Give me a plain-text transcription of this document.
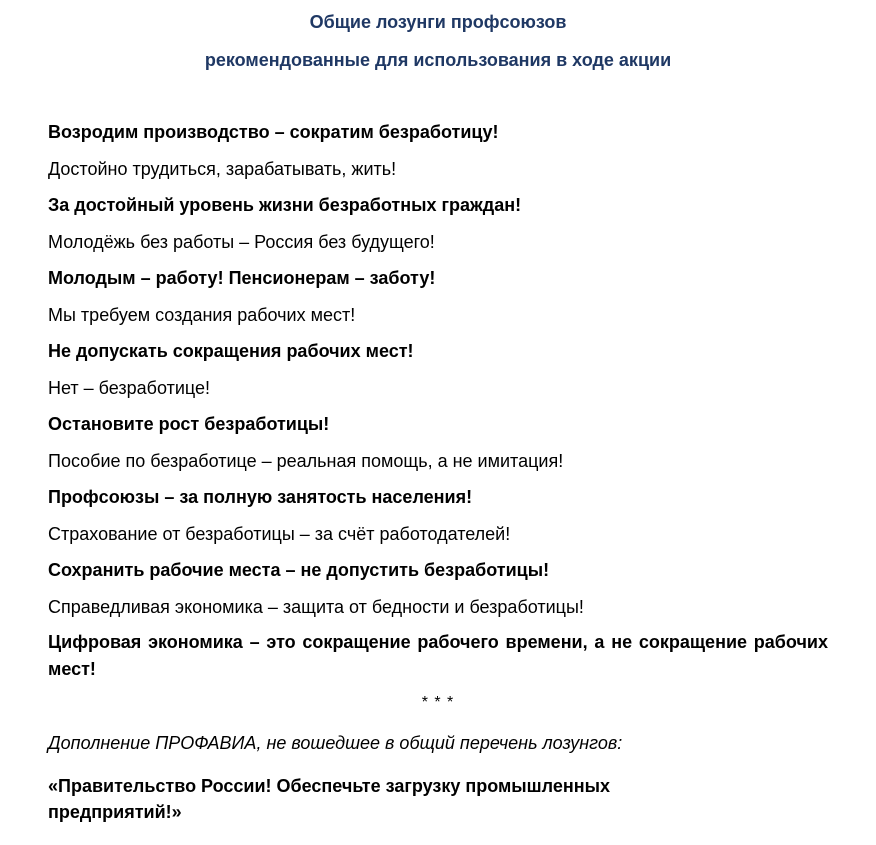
Общие лозунги профсоюзов
рекомендованные для использования в ходе акции
Возродим производство – сократим безработицу!
Достойно трудиться, зарабатывать, жить!
За достойный уровень жизни безработных граждан!
Молодёжь без работы – Россия без будущего!
Молодым – работу! Пенсионерам – заботу!
Мы требуем создания рабочих мест!
Не допускать сокращения рабочих мест!
Нет – безработице!
Остановите рост безработицы!
Пособие по безработице – реальная помощь, а не имитация!
Профсоюзы – за полную занятость населения!
Страхование от безработицы – за счёт работодателей!
Сохранить рабочие места – не допустить безработицы!
Справедливая экономика – защита от бедности и безработицы!
Цифровая экономика – это сокращение рабочего времени, а не сокращение рабочих мест!
* * *
Дополнение ПРОФАВИА, не вошедшее в общий перечень лозунгов:
«Правительство России! Обеспечьте загрузку промышленных предприятий!»
